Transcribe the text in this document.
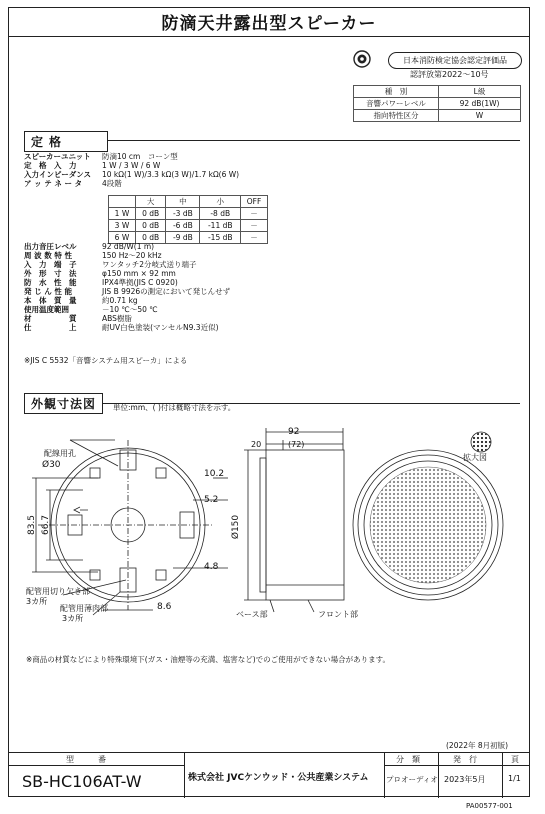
防滴天井露出型スピーカー
日本消防検定協会認定評価品
認評放第2022～10号
種　別	L級
音響パワーレベル	92 dB(1W)
指向特性区分	W
定格
スピーカーユニット	防滴10 cm　コーン型
定　格　入　力	1 W / 3 W / 6 W
入力インピーダンス	10 kΩ(1 W)/3.3 kΩ(3 W)/1.7 kΩ(6 W)
ア ッ テ ネ ー タ	4段階
	大	中	小	OFF
1 W	0 dB	-3 dB	-8 dB	－
3 W	0 dB	-6 dB	-11 dB	－
6 W	0 dB	-9 dB	-15 dB	－
出力音圧レベル	92 dB/W(1 m)
周 波 数 特 性	150 Hz～20 kHz
入　力　端　子	ワンタッチ2分岐式送り端子
外　形　寸　法	φ150 mm × 92 mm
防　水　性　能	IPX4準拠(JIS C 0920)
発 じ ん 性 能	JIS B 9926の測定において発じんせず
本　体　質　量	約0.71 kg
使用温度範囲	－10 ℃～50 ℃
材　　　　　質	ABS樹脂
仕　　　　　上	耐UV白色塗装(マンセルN9.3近似)
※JIS C 5532「音響システム用スピーカ」による
外観寸法図	単位:mm、( )付は概略寸法を示す。
配線用孔
Ø30
10.2
5.2
4.8
8.6
83.5 66.7
配管用切り欠き部
3カ所
配管用薄肉部
3カ所
92
20	(72)
Ø150
ベース部	フロント部
拡大図
※商品の材質などにより特殊環境下(ガス・油煙等の充満、塩害など)でのご使用ができない場合があります。
(2022年 8月初版)
型　　　番
SB-HC106AT-W	株式会社 JVCケンウッド・公共産業システム
分　類
プロオーディオ
発　行
2023年5月
頁
1/1
PA00577-001
